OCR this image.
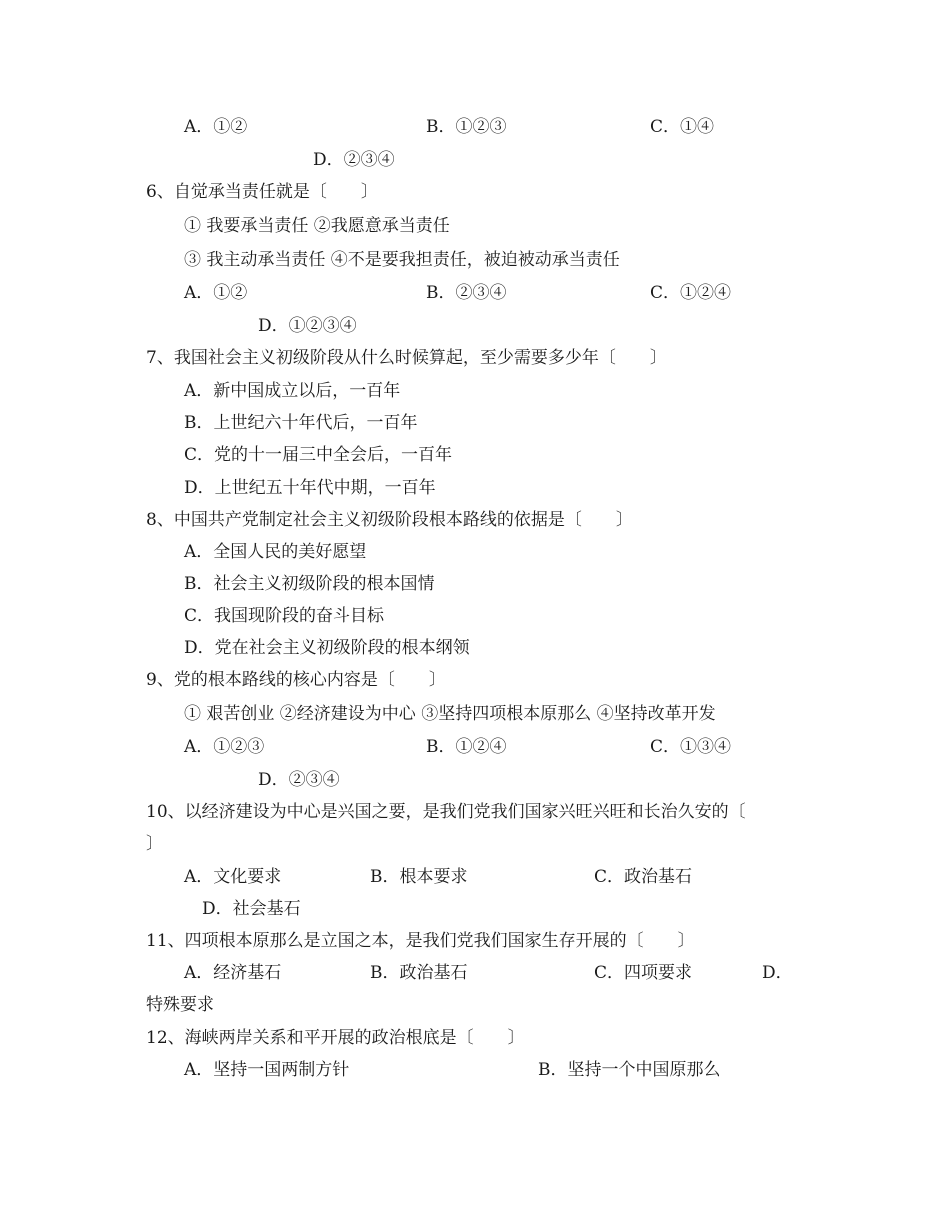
A．①②	B．①②③	C．①④
D．②③④
6、自觉承当责任就是〔　　〕
① 我要承当责任 ②我愿意承当责任
③ 我主动承当责任 ④不是要我担责任，被迫被动承当责任
A．①②	B．②③④	C．①②④
D．①②③④
7、我国社会主义初级阶段从什么时候算起，至少需要多少年〔　　〕
A．新中国成立以后，一百年
B．上世纪六十年代后，一百年
C．党的十一届三中全会后，一百年
D．上世纪五十年代中期，一百年
8、中国共产党制定社会主义初级阶段根本路线的依据是〔　　〕
A．全国人民的美好愿望
B．社会主义初级阶段的根本国情
C．我国现阶段的奋斗目标
D．党在社会主义初级阶段的根本纲领
9、党的根本路线的核心内容是〔　　〕
① 艰苦创业 ②经济建设为中心 ③坚持四项根本原那么 ④坚持改革开发
A．①②③	B．①②④	C．①③④
D．②③④
10、以经济建设为中心是兴国之要，是我们党我们国家兴旺兴旺和长治久安的〔
〕
A．文化要求	B．根本要求	C．政治基石
D．社会基石
11、四项根本原那么是立国之本，是我们党我们国家生存开展的〔　　〕
A．经济基石	B．政治基石	C．四项要求	D．
特殊要求
12、海峡两岸关系和平开展的政治根底是〔　　〕
A．坚持一国两制方针	B．坚持一个中国原那么
